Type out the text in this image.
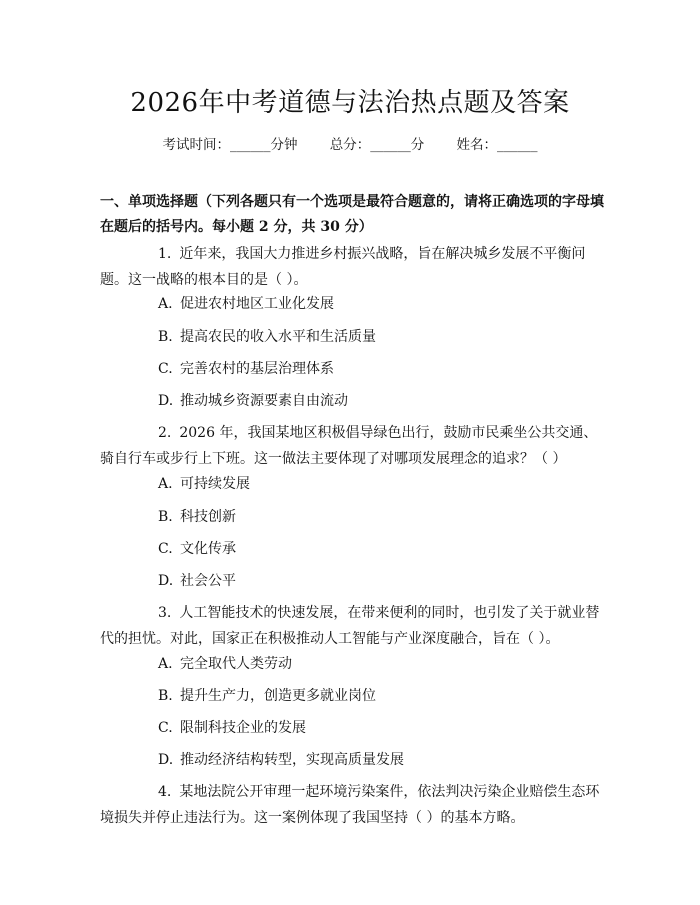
2026年中考道德与法治热点题及答案
考试时间：______分钟 总分：______分 姓名：______

一、单项选择题（下列各题只有一个选项是最符合题意的，请将正确选项的字母填在题后的括号内。每小题 2 分，共 30 分）

1. 近年来，我国大力推进乡村振兴战略，旨在解决城乡发展不平衡问题。这一战略的根本目的是（ ）。

A. 促进农村地区工业化发展

B. 提高农民的收入水平和生活质量

C. 完善农村的基层治理体系

D. 推动城乡资源要素自由流动

2. 2026 年，我国某地区积极倡导绿色出行，鼓励市民乘坐公共交通、骑自行车或步行上下班。这一做法主要体现了对哪项发展理念的追求？（ ）

A. 可持续发展

B. 科技创新

C. 文化传承

D. 社会公平

3. 人工智能技术的快速发展，在带来便利的同时，也引发了关于就业替代的担忧。对此，国家正在积极推动人工智能与产业深度融合，旨在（ ）。

A. 完全取代人类劳动

B. 提升生产力，创造更多就业岗位

C. 限制科技企业的发展

D. 推动经济结构转型，实现高质量发展

4. 某地法院公开审理一起环境污染案件，依法判决污染企业赔偿生态环境损失并停止违法行为。这一案例体现了我国坚持（ ）的基本方略。
